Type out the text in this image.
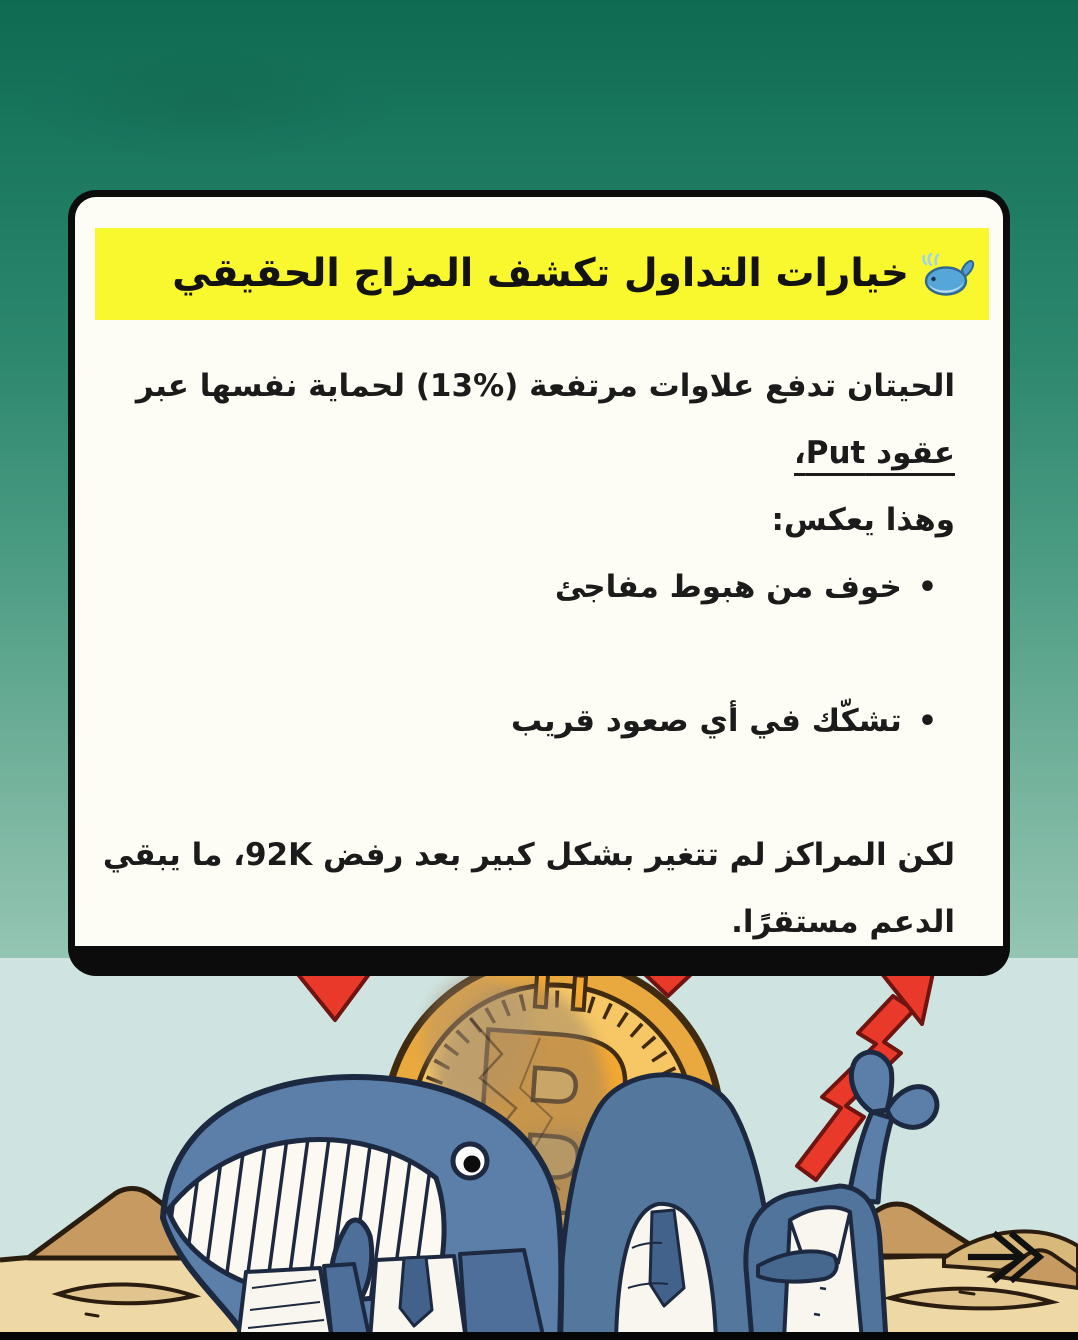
خيارات التداول تكشف المزاج الحقيقي
الحيتان تدفع علاوات مرتفعة (%13) لحماية نفسها عبر
عقود Put،
وهذا يعكس:
•
خوف من هبوط مفاجئ
•
تشكّك في أي صعود قريب
لكن المراكز لم تتغير بشكل كبير بعد رفض 92K، ما يبقي
الدعم مستقرًا.
